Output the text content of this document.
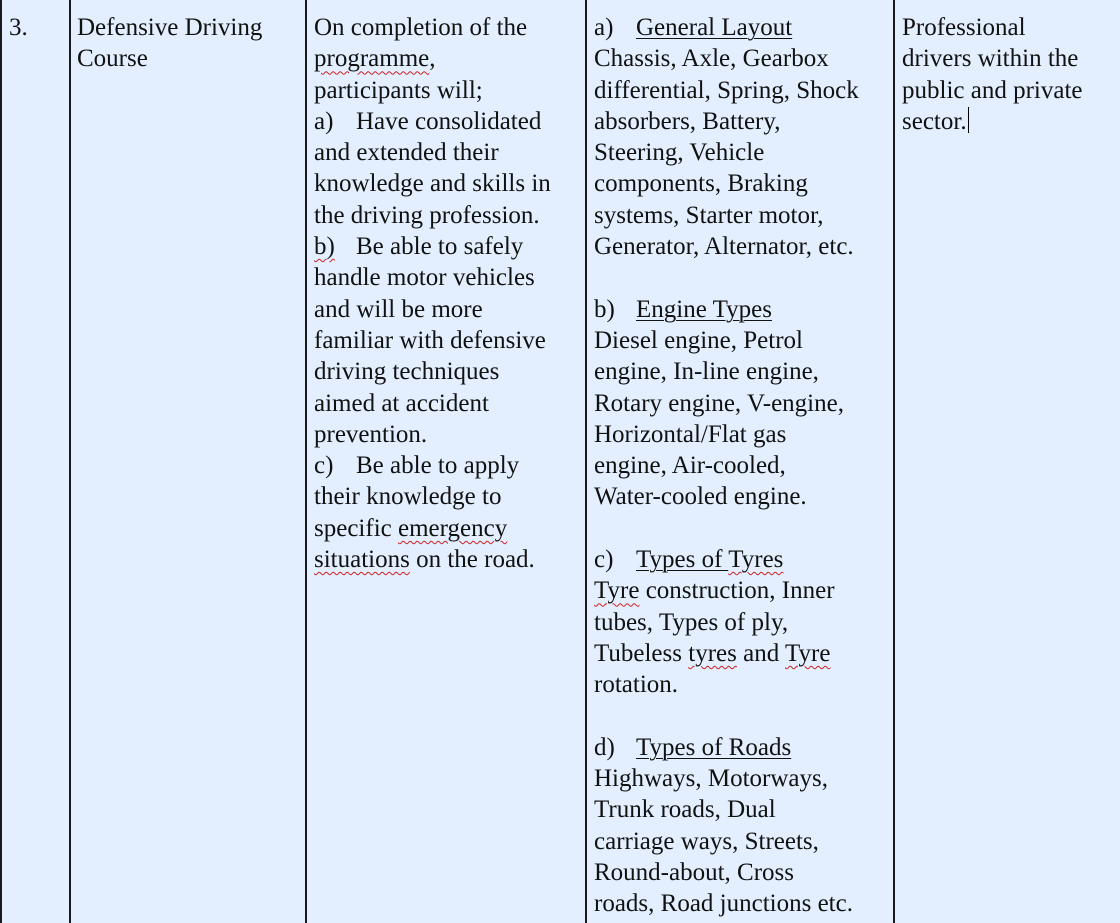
3. Defensive Driving
Course
On completion of the
programme,
participants will;
a) Have consolidated
and extended their
knowledge and skills in
the driving profession.
b) Be able to safely
handle motor vehicles
and will be more
familiar with defensive
driving techniques
aimed at accident
prevention.
c) Be able to apply
their knowledge to
specific emergency
situations on the road.
a) General Layout
Chassis, Axle, Gearbox
differential, Spring, Shock
absorbers, Battery,
Steering, Vehicle
components, Braking
systems, Starter motor,
Generator, Alternator, etc.
b) Engine Types
Diesel engine, Petrol
engine, In-line engine,
Rotary engine, V-engine,
Horizontal/Flat gas
engine, Air-cooled,
Water-cooled engine.
c) Types of Tyres
Tyre construction, Inner
tubes, Types of ply,
Tubeless tyres and Tyre
rotation.
d) Types of Roads
Highways, Motorways,
Trunk roads, Dual
carriage ways, Streets,
Round-about, Cross
roads, Road junctions etc.
Professional
drivers within the
public and private
sector.
